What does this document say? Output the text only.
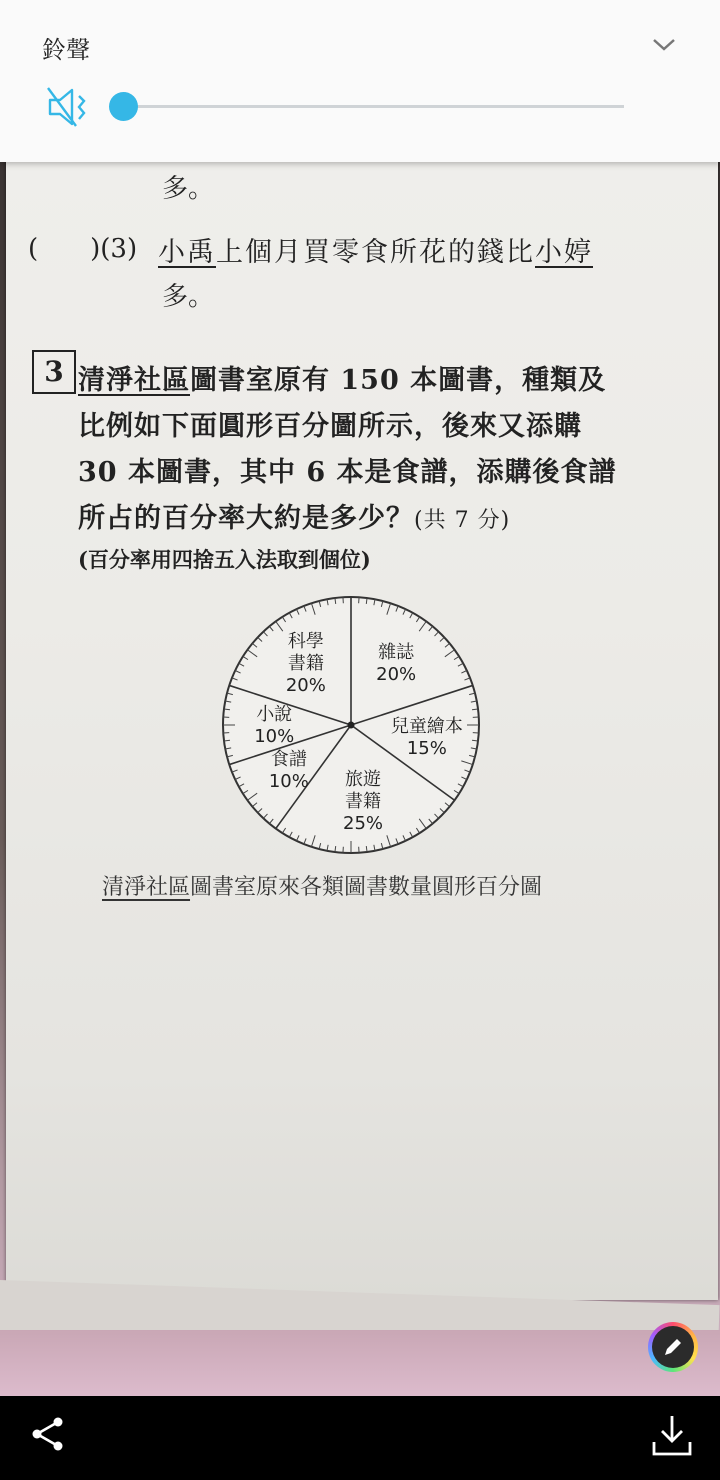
多。
(　　)(3) 小禹上個月買零食所花的錢比小婷
多。
3 清淨社區圖書室原有 150 本圖書，種類及
比例如下面圓形百分圖所示，後來又添購
30 本圖書，其中 6 本是食譜，添購後食譜
所占的百分率大約是多少？(共 7 分)
(百分率用四捨五入法取到個位)
雜誌
20%
兒童繪本
15%
旅遊
書籍
25%
食譜
10%
小說
10%
科學
書籍
20%
清淨社區圖書室原來各類圖書數量圓形百分圖
鈴聲
